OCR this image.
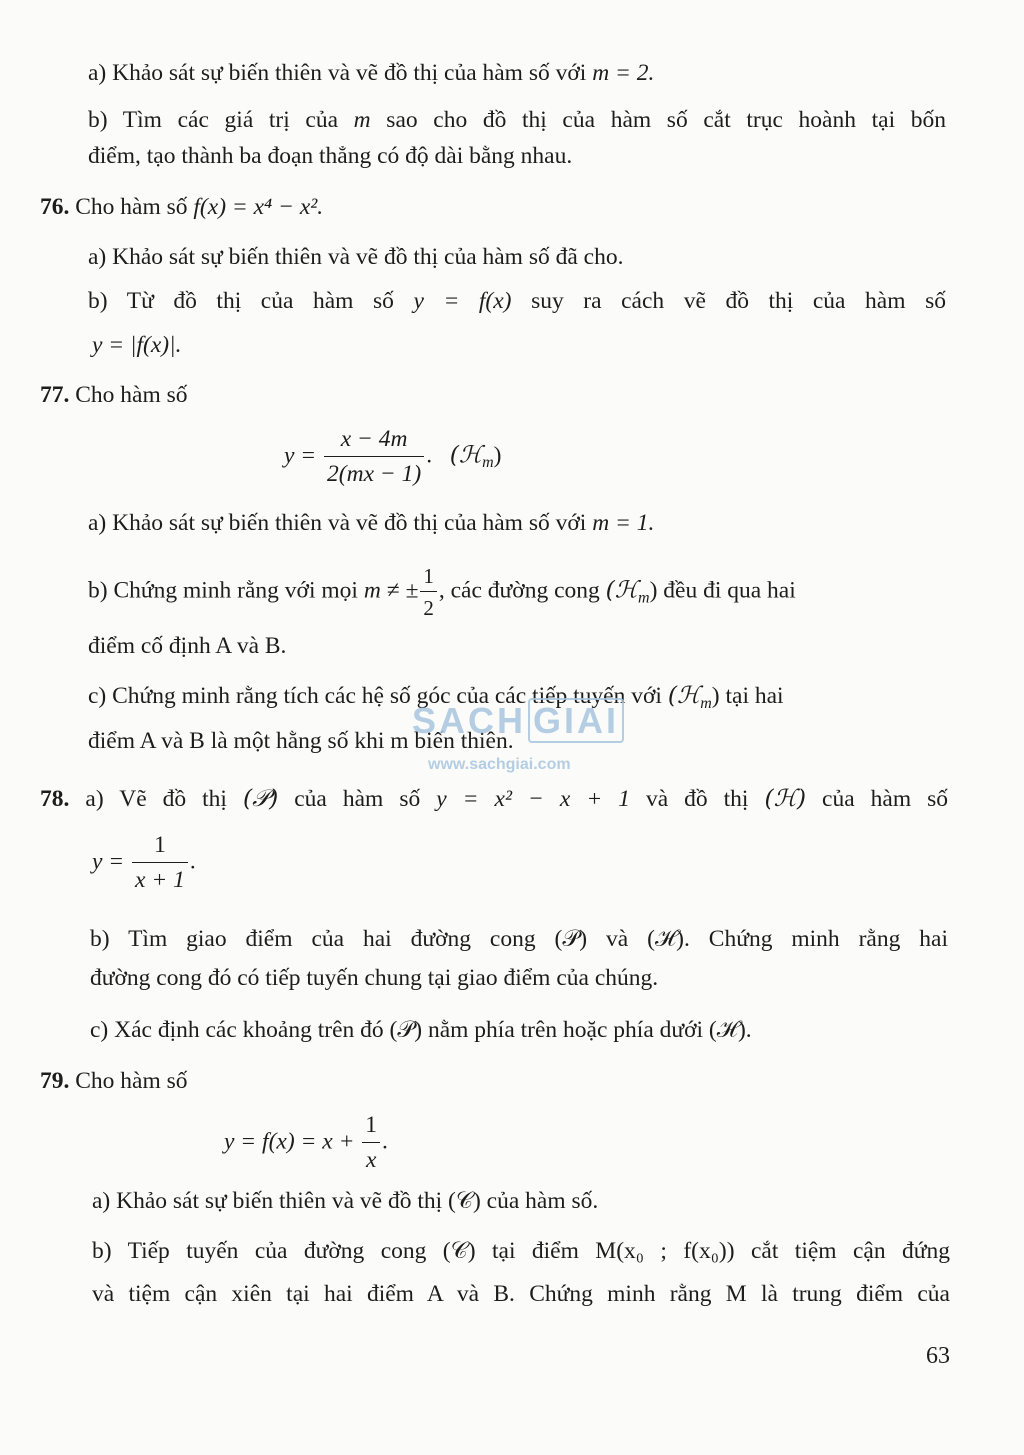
a) Khảo sát sự biến thiên và vẽ đồ thị của hàm số với m = 2.
b) Tìm các giá trị của m sao cho đồ thị của hàm số cắt trục hoành tại bốn
điểm, tạo thành ba đoạn thẳng có độ dài bằng nhau.
76. Cho hàm số f(x) = x⁴ − x².
a) Khảo sát sự biến thiên và vẽ đồ thị của hàm số đã cho.
b) Từ đồ thị của hàm số y = f(x) suy ra cách vẽ đồ thị của hàm số
y = |f(x)|.
77. Cho hàm số
$y = \frac{x - 4m}{2(mx - 1)}$ . (ℋ$_m$)
a) Khảo sát sự biến thiên và vẽ đồ thị của hàm số với m = 1.
b) Chứng minh rằng với mọi m ≠ ± $\frac{1}{2}$ , các đường cong (ℋ$_m$) đều đi qua hai
điểm cố định A và B.
c) Chứng minh rằng tích các hệ số góc của các tiếp tuyến với (ℋ$_m$) tại hai
điểm A và B là một hằng số khi m biến thiên.
SACH GIAI
www.sachgiai.com
78. a) Vẽ đồ thị (𝒫) của hàm số y = x² − x + 1 và đồ thị (ℋ) của hàm số
$y = \frac{1}{x + 1}$ .
b) Tìm giao điểm của hai đường cong (𝒫) và (ℋ). Chứng minh rằng hai
đường cong đó có tiếp tuyến chung tại giao điểm của chúng.
c) Xác định các khoảng trên đó (𝒫) nằm phía trên hoặc phía dưới (ℋ).
79. Cho hàm số
$y = f(x) = x + \frac{1}{x}$ .
a) Khảo sát sự biến thiên và vẽ đồ thị (𝒞) của hàm số.
b) Tiếp tuyến của đường cong (𝒞) tại điểm M(x₀ ; f(x₀)) cắt tiệm cận đứng
và tiệm cận xiên tại hai điểm A và B. Chứng minh rằng M là trung điểm của
63
